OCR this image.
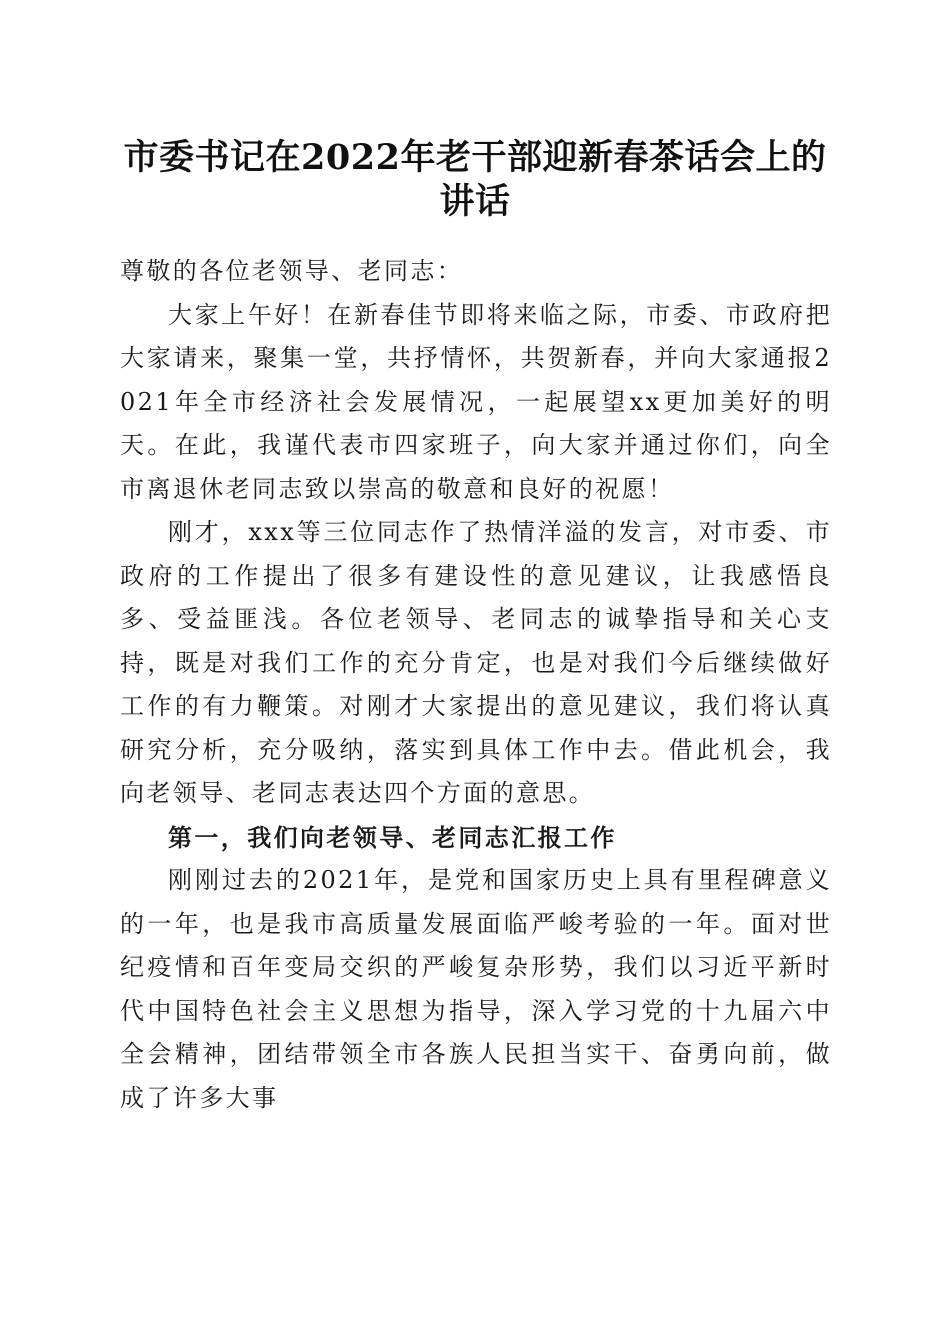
市委书记在2022年老干部迎新春茶话会上的讲话

尊敬的各位老领导、老同志：

大家上午好！在新春佳节即将来临之际，市委、市政府把大家请来，聚集一堂，共抒情怀，共贺新春，并向大家通报2021年全市经济社会发展情况，一起展望xx更加美好的明天。在此，我谨代表市四家班子，向大家并通过你们，向全市离退休老同志致以崇高的敬意和良好的祝愿！

刚才，xxx等三位同志作了热情洋溢的发言，对市委、市政府的工作提出了很多有建设性的意见建议，让我感悟良多、受益匪浅。各位老领导、老同志的诚挚指导和关心支持，既是对我们工作的充分肯定，也是对我们今后继续做好工作的有力鞭策。对刚才大家提出的意见建议，我们将认真研究分析，充分吸纳，落实到具体工作中去。借此机会，我向老领导、老同志表达四个方面的意思。

第一，我们向老领导、老同志汇报工作

刚刚过去的2021年，是党和国家历史上具有里程碑意义的一年，也是我市高质量发展面临严峻考验的一年。面对世纪疫情和百年变局交织的严峻复杂形势，我们以习近平新时代中国特色社会主义思想为指导，深入学习党的十九届六中全会精神，团结带领全市各族人民担当实干、奋勇向前，做成了许多大事
